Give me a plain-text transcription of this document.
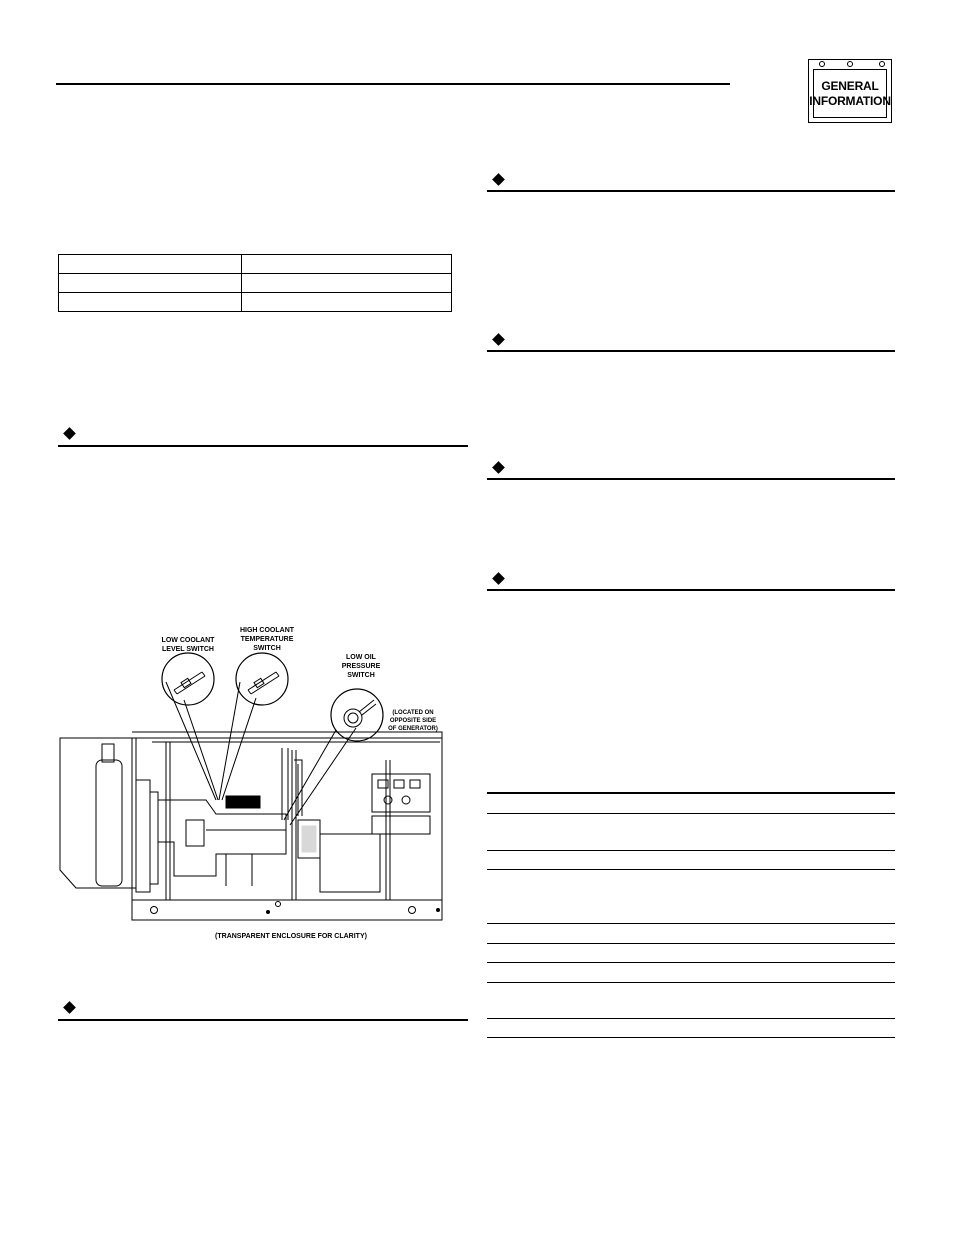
GENERAL
INFORMATION

LOW COOLANT
LEVEL SWITCH
HIGH COOLANT
TEMPERATURE
SWITCH
LOW OIL
PRESSURE
SWITCH
(LOCATED ON
OPPOSITE SIDE
OF GENERATOR)
(TRANSPARENT ENCLOSURE FOR CLARITY)
